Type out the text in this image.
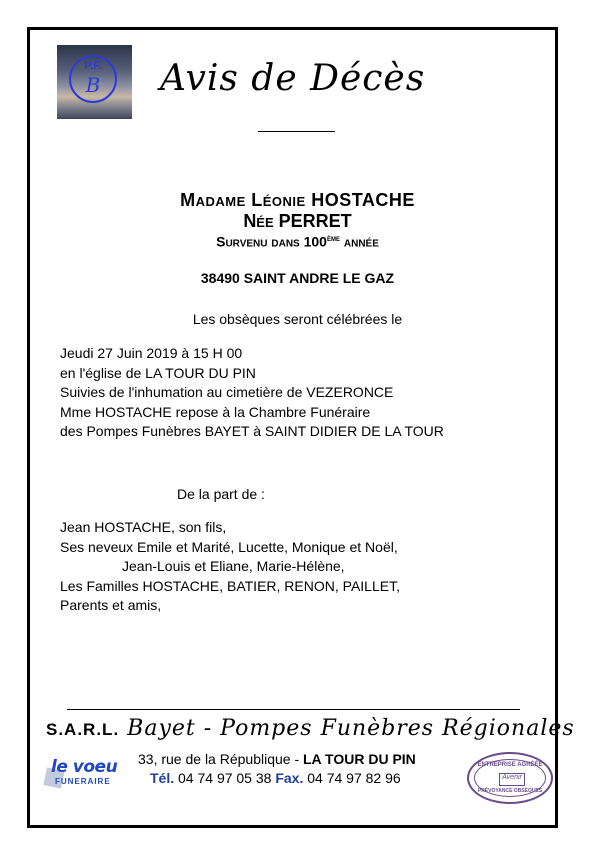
P.F.
B	Avis de Décès
Madame Léonie HOSTACHE
Née PERRET
Survenu dans 100ème année
38490 SAINT ANDRE LE GAZ
Les obsèques seront célébrées le
Jeudi 27 Juin 2019 à 15 H 00
en l'église de LA TOUR DU PIN
Suivies de l'inhumation au cimetière de VEZERONCE
Mme HOSTACHE repose à la Chambre Funéraire
des Pompes Funèbres BAYET à SAINT DIDIER DE LA TOUR
De la part de :
Jean HOSTACHE, son fils,
Ses neveux Emile et Marité, Lucette, Monique et Noël,
Jean-Louis et Eliane, Marie-Hélène,
Les Familles HOSTACHE, BATIER, RENON, PAILLET,
Parents et amis,
S.A.R.L. Bayet - Pompes Funèbres Régionales
le voeu
FUNERAIRE
33, rue de la République - LA TOUR DU PIN
Tél. 04 74 97 05 38 Fax. 04 74 97 82 96
ENTREPRISE AGRÉÉE
Avenir
PRÉVOYANCE OBSÈQUES
